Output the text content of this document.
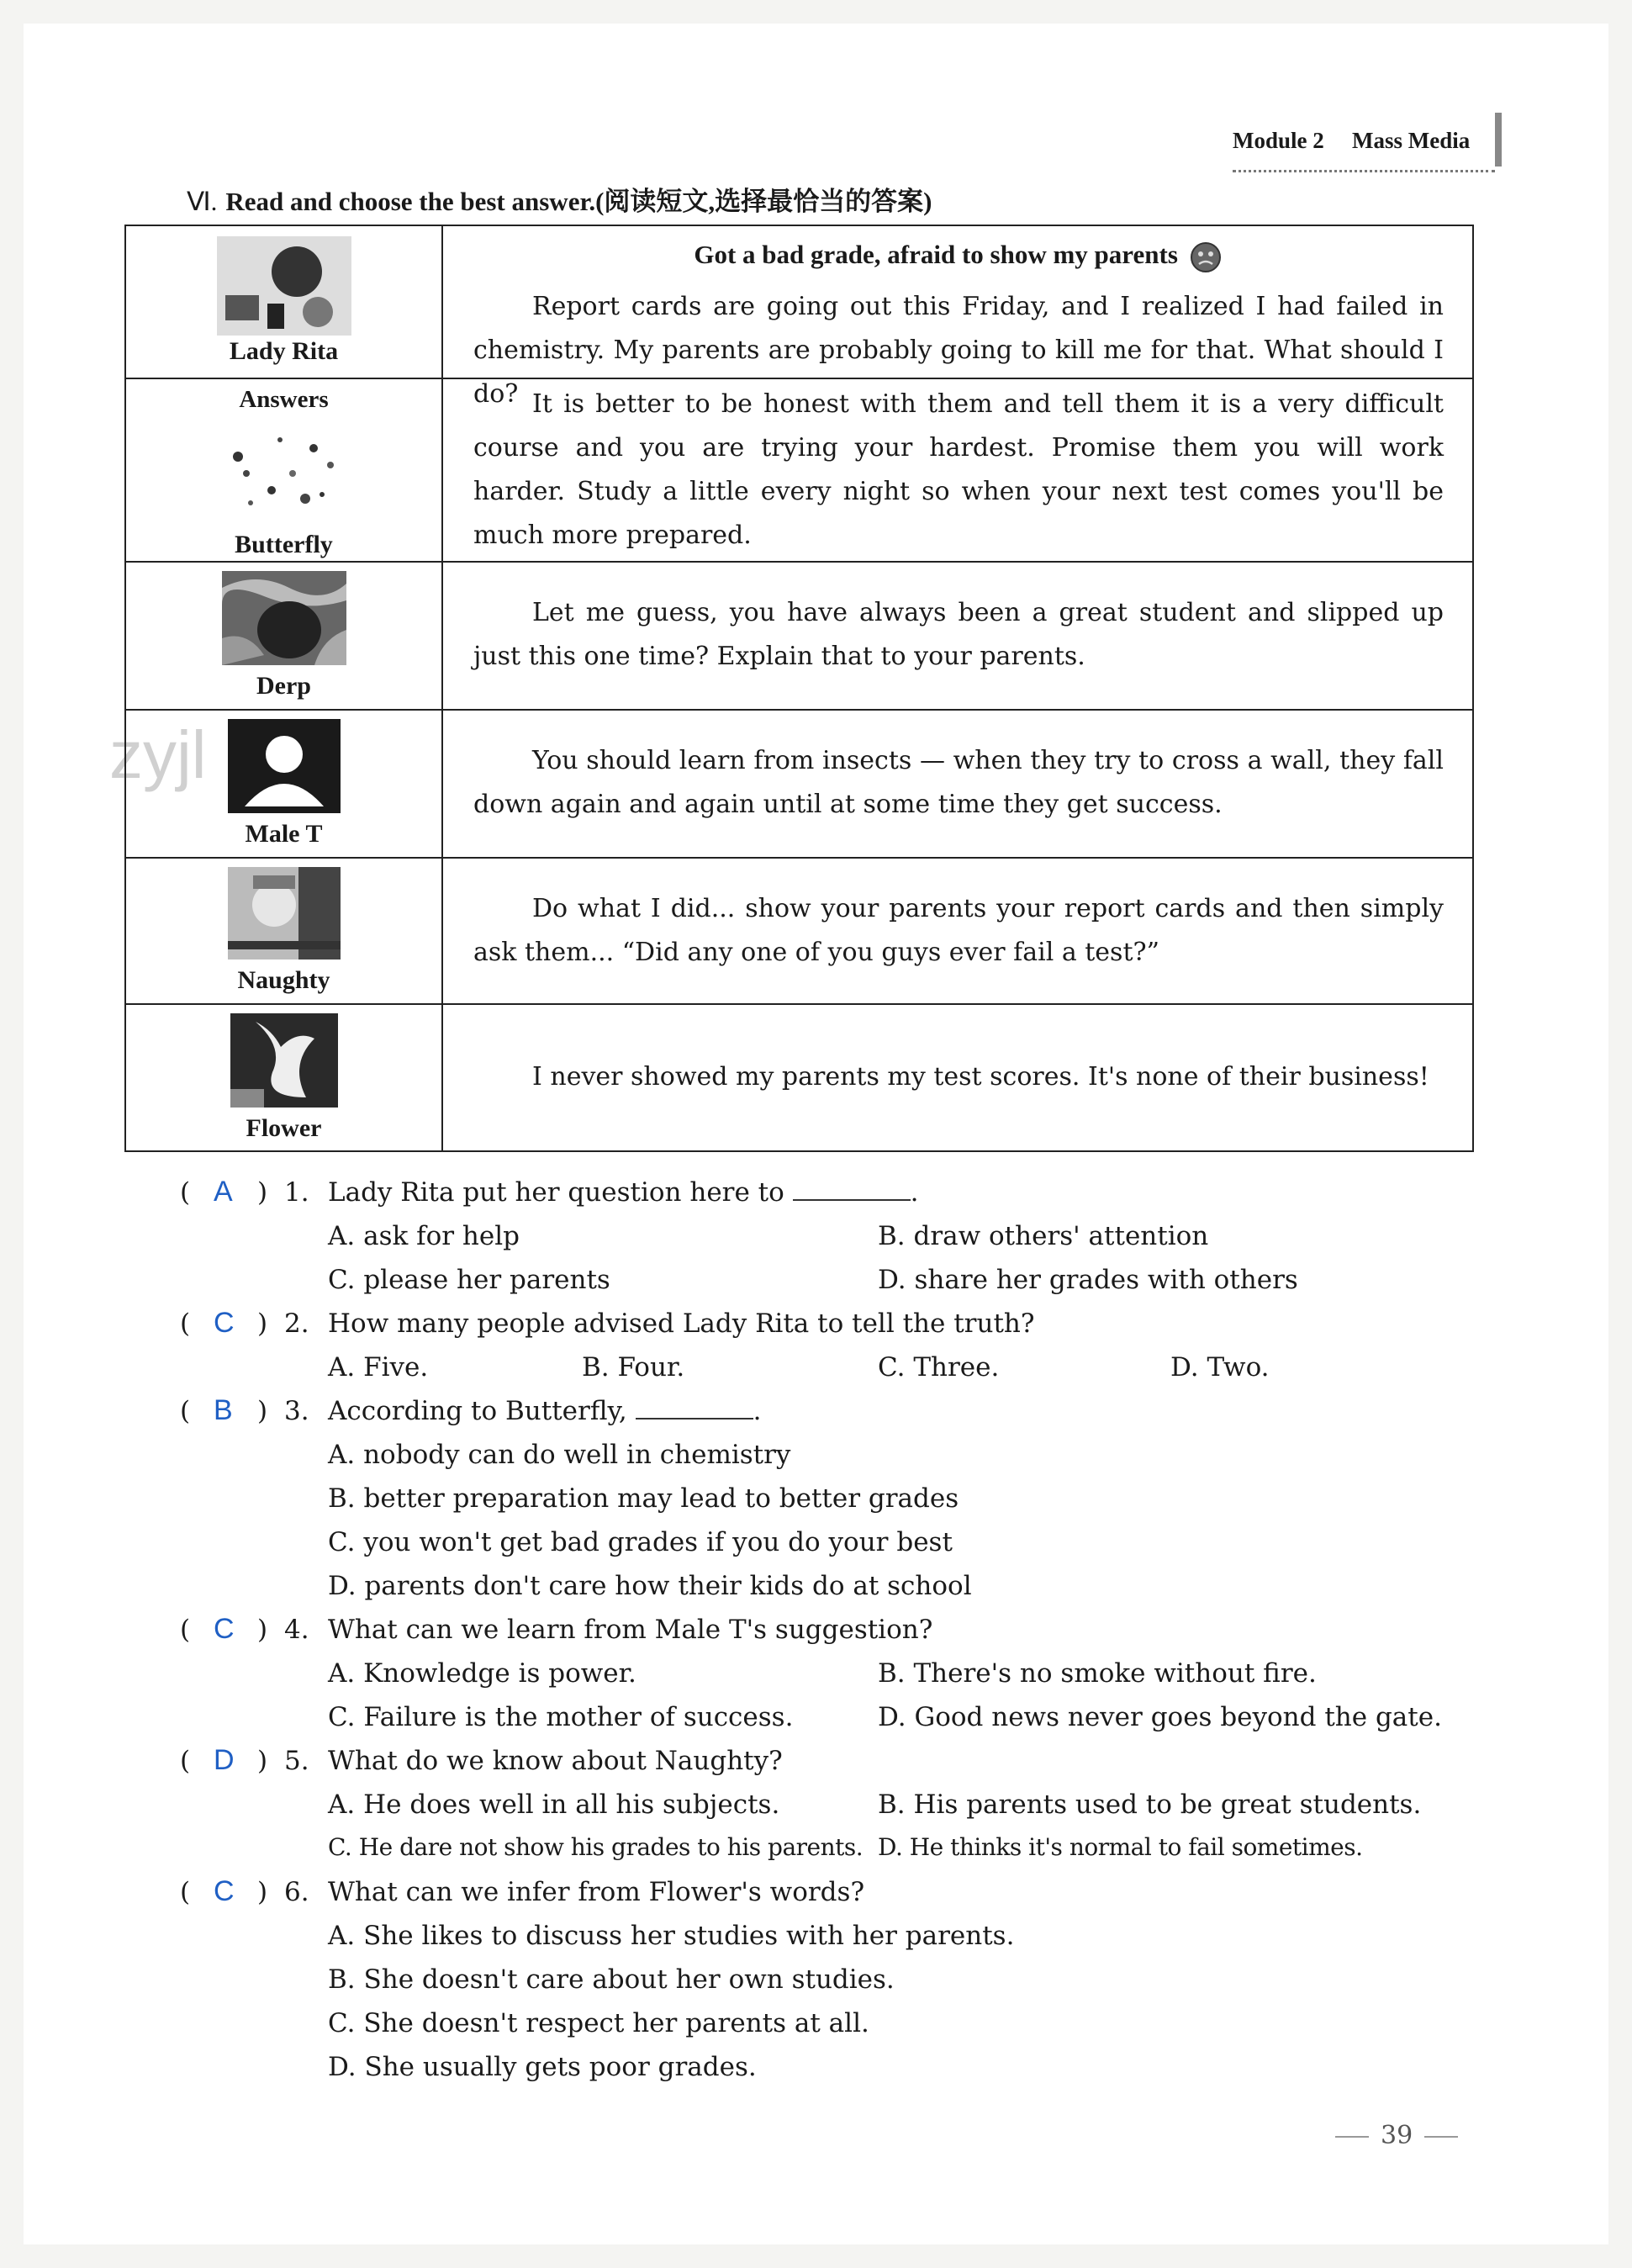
Module 2 Mass Media
Ⅵ. Read and choose the best answer.(阅读短文,选择最恰当的答案)
zyjl
Lady Rita	Got a bad grade, afraid to show my parents
Report cards are going out this Friday, and I realized I had failed in chemistry. My parents are probably going to kill me for that. What should I do?

Answers
Butterfly	It is better to be honest with them and tell them it is a very difficult course and you are trying your hardest. Promise them you will work harder. Study a little every night so when your next test comes you'll be much more prepared.

Derp	Let me guess, you have always been a great student and slipped up just this one time? Explain that to your parents.

Male T	You should learn from insects — when they try to cross a wall, they fall down again and again until at some time they get success.

Naughty	Do what I did... show your parents your report cards and then simply ask them... “Did any one of you guys ever fail a test?”

Flower	I never showed my parents my test scores. It's none of their business!
( A ) 1. Lady Rita put her question here to	.
A. ask for help	B. draw others' attention
C. please her parents	D. share her grades with others
( C ) 2. How many people advised Lady Rita to tell the truth?
A. Five.	B. Four.	C. Three.	D. Two.
( B ) 3. According to Butterfly,	.
A. nobody can do well in chemistry
B. better preparation may lead to better grades
C. you won't get bad grades if you do your best
D. parents don't care how their kids do at school
( C ) 4. What can we learn from Male T's suggestion?
A. Knowledge is power.	B. There's no smoke without fire.
C. Failure is the mother of success.	D. Good news never goes beyond the gate.
( D ) 5. What do we know about Naughty?
A. He does well in all his subjects.	B. His parents used to be great students.
C. He dare not show his grades to his parents. D. He thinks it's normal to fail sometimes.
( C ) 6. What can we infer from Flower's words?
A. She likes to discuss her studies with her parents.
B. She doesn't care about her own studies.
C. She doesn't respect her parents at all.
D. She usually gets poor grades.
39
